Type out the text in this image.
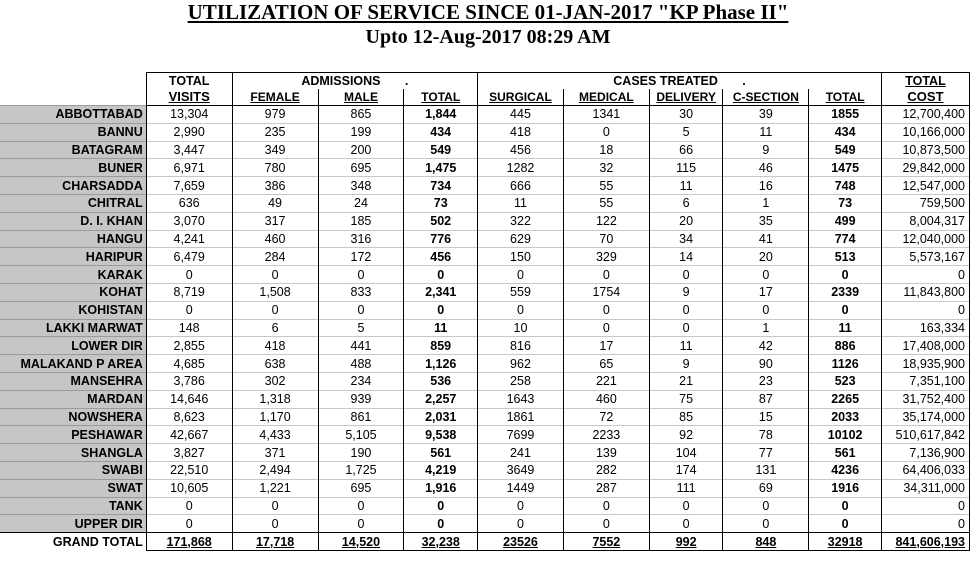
UTILIZATION OF SERVICE SINCE 01-JAN-2017 "KP Phase II"
Upto 12-Aug-2017 08:29 AM
	TOTAL	ADMISSIONS .			CASES TREATED .					TOTAL
	VISITS	FEMALE	MALE	TOTAL	SURGICAL	MEDICAL	DELIVERY	C-SECTION	TOTAL	COST
ABBOTTABAD	13,304	979	865	1,844	445	1341	30	39	1855	12,700,400
BANNU	2,990	235	199	434	418	0	5	11	434	10,166,000
BATAGRAM	3,447	349	200	549	456	18	66	9	549	10,873,500
BUNER	6,971	780	695	1,475	1282	32	115	46	1475	29,842,000
CHARSADDA	7,659	386	348	734	666	55	11	16	748	12,547,000
CHITRAL	636	49	24	73	11	55	6	1	73	759,500
D. I. KHAN	3,070	317	185	502	322	122	20	35	499	8,004,317
HANGU	4,241	460	316	776	629	70	34	41	774	12,040,000
HARIPUR	6,479	284	172	456	150	329	14	20	513	5,573,167
KARAK	0	0	0	0	0	0	0	0	0	0
KOHAT	8,719	1,508	833	2,341	559	1754	9	17	2339	11,843,800
KOHISTAN	0	0	0	0	0	0	0	0	0	0
LAKKI MARWAT	148	6	5	11	10	0	0	1	11	163,334
LOWER DIR	2,855	418	441	859	816	17	11	42	886	17,408,000
MALAKAND P AREA	4,685	638	488	1,126	962	65	9	90	1126	18,935,900
MANSEHRA	3,786	302	234	536	258	221	21	23	523	7,351,100
MARDAN	14,646	1,318	939	2,257	1643	460	75	87	2265	31,752,400
NOWSHERA	8,623	1,170	861	2,031	1861	72	85	15	2033	35,174,000
PESHAWAR	42,667	4,433	5,105	9,538	7699	2233	92	78	10102	510,617,842
SHANGLA	3,827	371	190	561	241	139	104	77	561	7,136,900
SWABI	22,510	2,494	1,725	4,219	3649	282	174	131	4236	64,406,033
SWAT	10,605	1,221	695	1,916	1449	287	111	69	1916	34,311,000
TANK	0	0	0	0	0	0	0	0	0	0
UPPER DIR	0	0	0	0	0	0	0	0	0	0
GRAND TOTAL	171,868	17,718	14,520	32,238	23526	7552	992	848	32918	841,606,193
